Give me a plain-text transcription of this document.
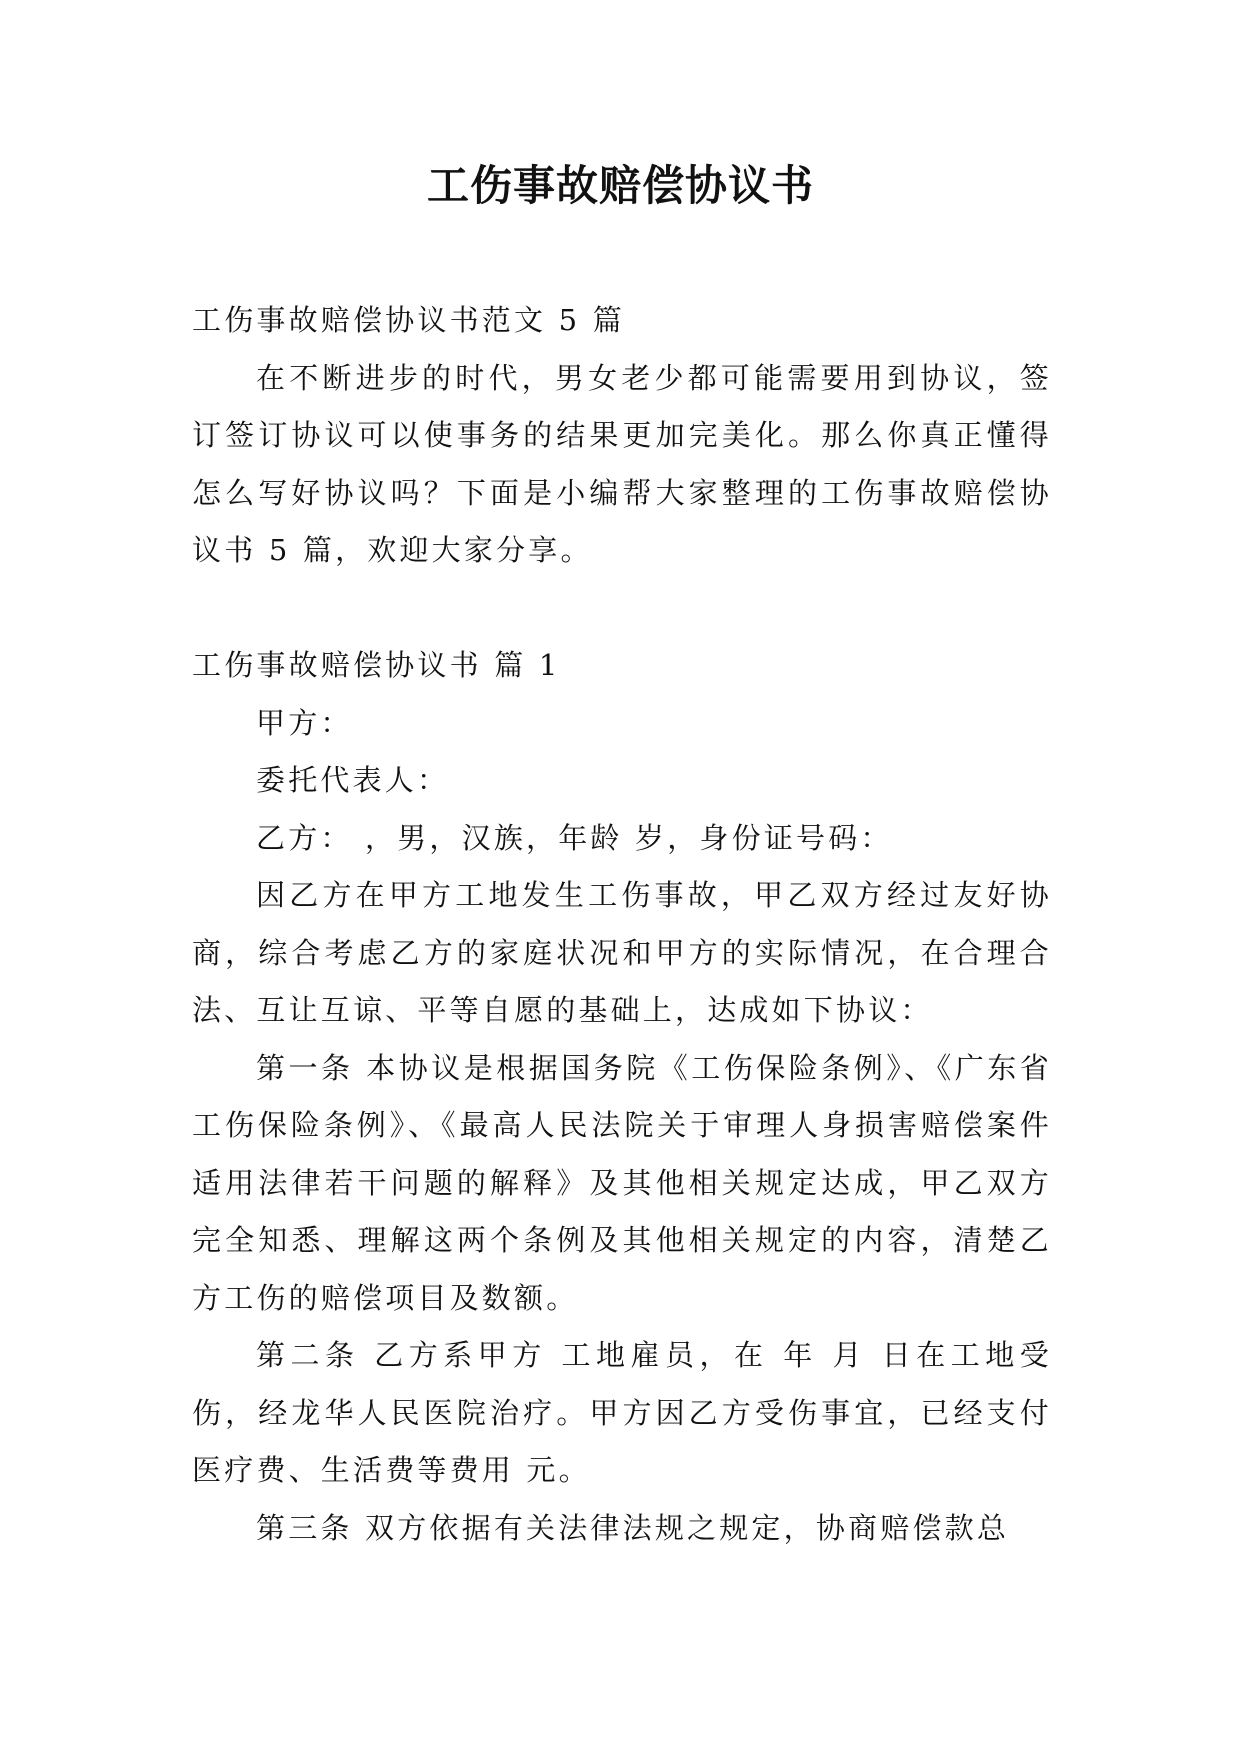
工伤事故赔偿协议书

工伤事故赔偿协议书范文 5 篇

在不断进步的时代，男女老少都可能需要用到协议，签订签订协议可以使事务的结果更加完美化。那么你真正懂得怎么写好协议吗？下面是小编帮大家整理的工伤事故赔偿协议书 5 篇，欢迎大家分享。

工伤事故赔偿协议书 篇 1

甲方：

委托代表人：

乙方： ，男，汉族，年龄 岁，身份证号码：

因乙方在甲方工地发生工伤事故，甲乙双方经过友好协商，综合考虑乙方的家庭状况和甲方的实际情况，在合理合法、互让互谅、平等自愿的基础上，达成如下协议：

第一条 本协议是根据国务院《工伤保险条例》、《广东省工伤保险条例》、《最高人民法院关于审理人身损害赔偿案件适用法律若干问题的解释》及其他相关规定达成，甲乙双方完全知悉、理解这两个条例及其他相关规定的内容，清楚乙方工伤的赔偿项目及数额。

第二条 乙方系甲方 工地雇员，在 年 月 日在工地受伤，经龙华人民医院治疗。甲方因乙方受伤事宜，已经支付医疗费、生活费等费用 元。

第三条 双方依据有关法律法规之规定，协商赔偿款总
